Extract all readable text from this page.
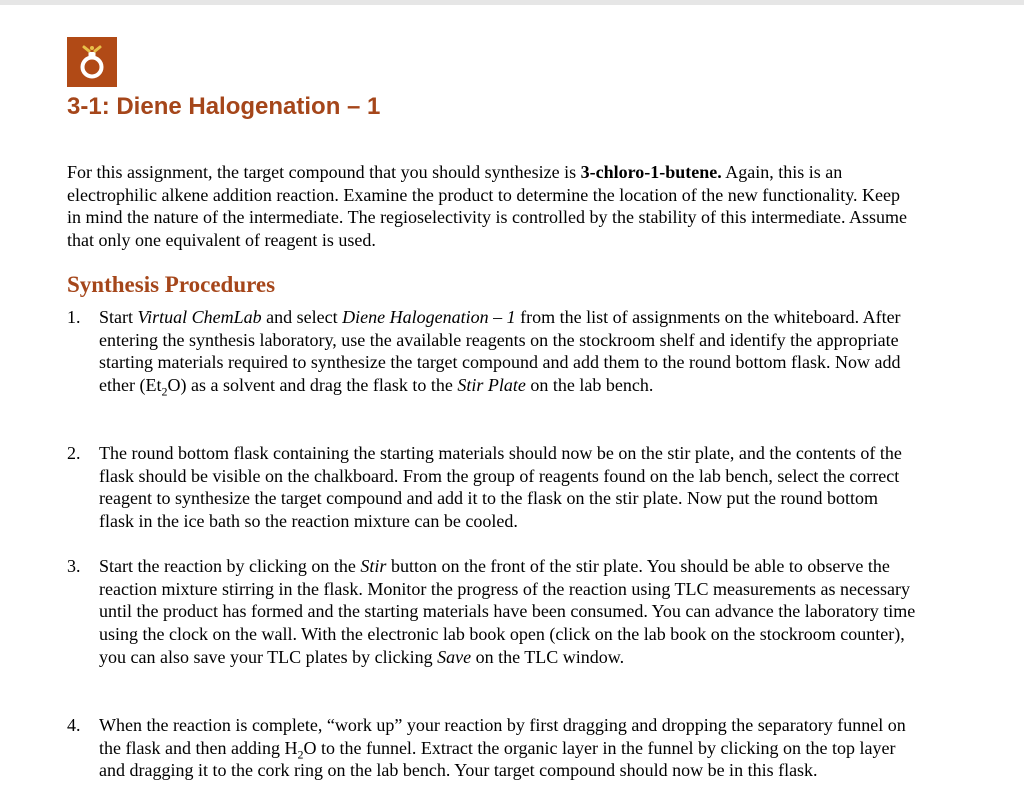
3-1: Diene Halogenation – 1

For this assignment, the target compound that you should synthesize is 3-chloro-1-butene. Again, this is an electrophilic alkene addition reaction. Examine the product to determine the location of the new functionality. Keep in mind the nature of the intermediate. The regioselectivity is controlled by the stability of this intermediate. Assume that only one equivalent of reagent is used.

Synthesis Procedures
1.	Start Virtual ChemLab and select Diene Halogenation – 1 from the list of assignments on the whiteboard. After entering the synthesis laboratory, use the available reagents on the stockroom shelf and identify the appropriate starting materials required to synthesize the target compound and add them to the round bottom flask. Now add ether $(Et_2O)$ as a solvent and drag the flask to the Stir Plate on the lab bench.

2.	The round bottom flask containing the starting materials should now be on the stir plate, and the contents of the flask should be visible on the chalkboard. From the group of reagents found on the lab bench, select the correct reagent to synthesize the target compound and add it to the flask on the stir plate. Now put the round bottom flask in the ice bath so the reaction mixture can be cooled.

3.	Start the reaction by clicking on the Stir button on the front of the stir plate. You should be able to observe the reaction mixture stirring in the flask. Monitor the progress of the reaction using TLC measurements as necessary until the product has formed and the starting materials have been consumed. You can advance the laboratory time using the clock on the wall. With the electronic lab book open (click on the lab book on the stockroom counter), you can also save your TLC plates by clicking Save on the TLC window.

4.	When the reaction is complete, “work up” your reaction by first dragging and dropping the separatory funnel on the flask and then adding $H_2O$ to the funnel. Extract the organic layer in the funnel by clicking on the top layer and dragging it to the cork ring on the lab bench. Your target compound should now be in this flask.
